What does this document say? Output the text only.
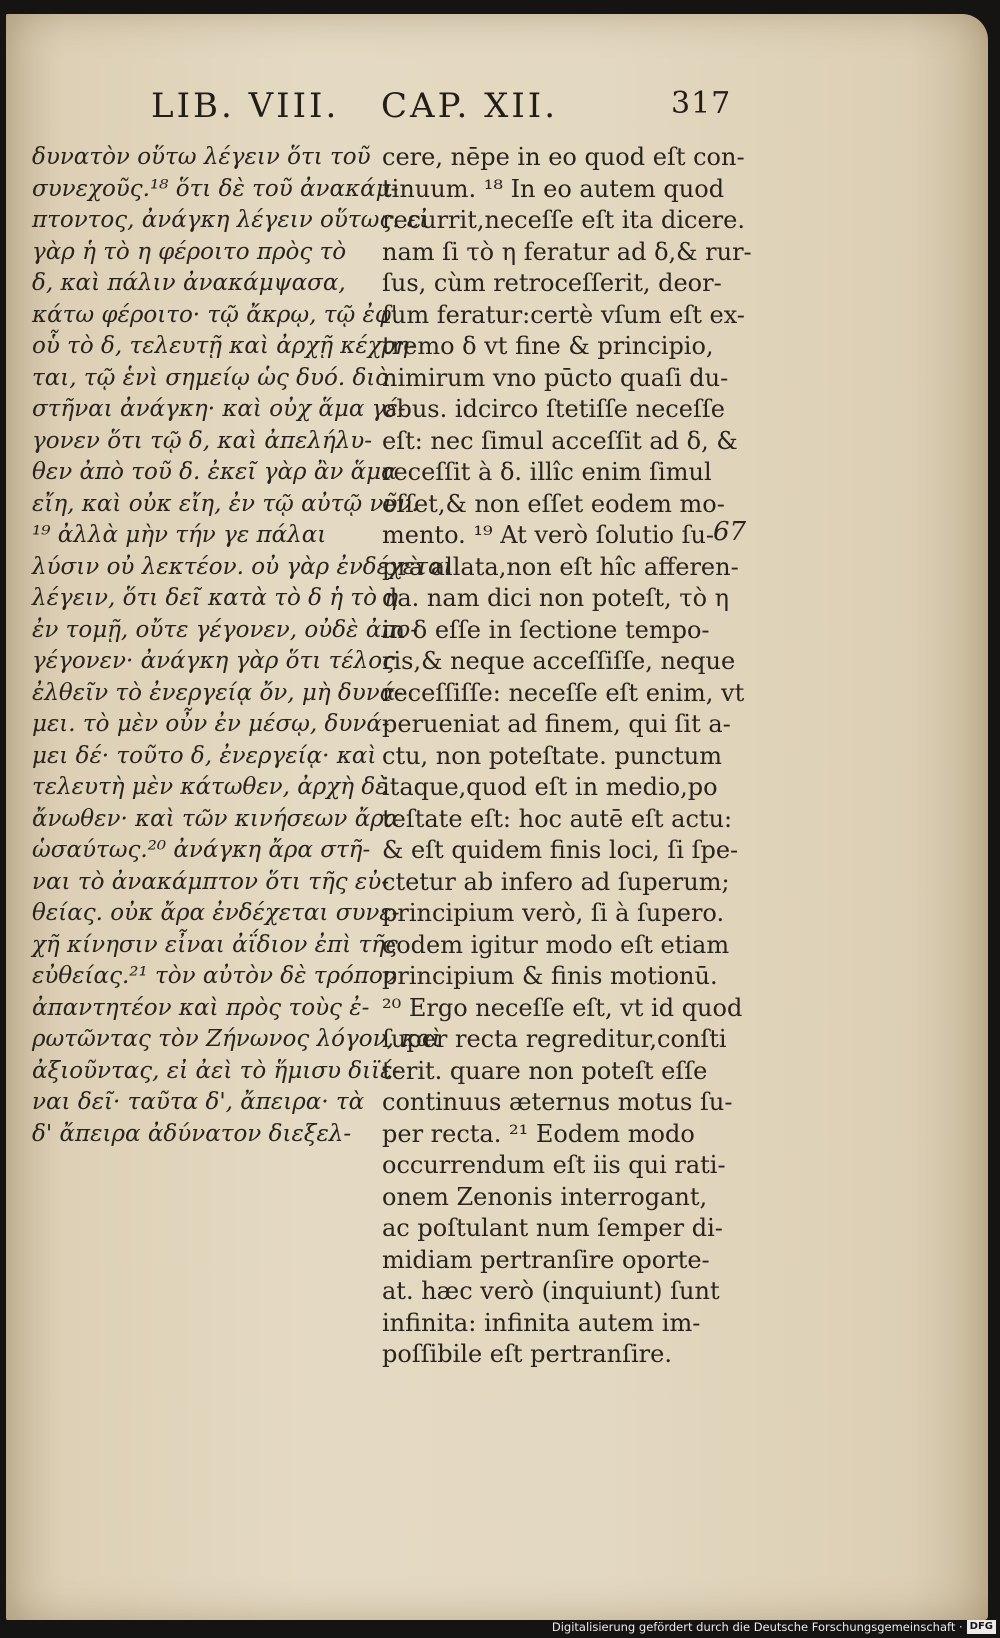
LIB. VIII. CAP. XII.	317
δυνατὸν οὕτω λέγειν ὅτι τοῦ
συνεχοῦς.¹⁸ ὅτι δὲ τοῦ ἀνακάμ-
πτοντος, ἀνάγκη λέγειν οὕτως. εἰ
γὰρ ἡ τὸ η φέροιτο πρὸς τὸ
δ, καὶ πάλιν ἀνακάμψασα,
κάτω φέροιτο· τῷ ἄκρῳ, τῷ ἐφ'
οὗ τὸ δ, τελευτῇ καὶ ἀρχῇ κέχρη-
ται, τῷ ἑνὶ σημείῳ ὡς δυό. διὸ
στῆναι ἀνάγκη· καὶ οὐχ ἅμα γέ-
γονεν ὅτι τῷ δ, καὶ ἀπελήλυ-
θεν ἀπὸ τοῦ δ. ἐκεῖ γὰρ ἂν ἅμα
εἴη, καὶ οὐκ εἴη, ἐν τῷ αὐτῷ νῦν.
¹⁹ ἀλλὰ μὴν τήν γε πάλαι
λύσιν οὐ λεκτέον. οὐ γὰρ ἐνδέχεται
λέγειν, ὅτι δεῖ κατὰ τὸ δ ἡ τὸ η
ἐν τομῇ, οὔτε γέγονεν, οὐδὲ ἀπο-
γέγονεν· ἀνάγκη γὰρ ὅτι τέλος
ἐλθεῖν τὸ ἐνεργείᾳ ὄν, μὴ δυνά-
μει. τὸ μὲν οὖν ἐν μέσῳ, δυνά-
μει δέ· τοῦτο δ, ἐνεργείᾳ· καὶ
τελευτὴ μὲν κάτωθεν, ἀρχὴ δὲ
ἄνωθεν· καὶ τῶν κινήσεων ἄρα
ὡσαύτως.²⁰ ἀνάγκη ἄρα στῆ-
ναι τὸ ἀνακάμπτον ὅτι τῆς εὐ-
θείας. οὐκ ἄρα ἐνδέχεται συνε-
χῆ κίνησιν εἶναι ἀΐδιον ἐπὶ τῆς
εὐθείας.²¹ τὸν αὐτὸν δὲ τρόπον
ἀπαντητέον καὶ πρὸς τοὺς ἐ-
ρωτῶντας τὸν Ζήνωνος λόγον, καὶ
ἀξιοῦντας, εἰ ἀεὶ τὸ ἥμισυ διϊέ-
ναι δεῖ· ταῦτα δ', ἄπειρα· τὰ
δ' ἄπειρα ἀδύνατον διεξελ-
cere, nēpe in eo quod eſt con-
tinuum. ¹⁸ In eo autem quod
recurrit,neceſſe eſt ita dicere.
nam ſi τὸ η feratur ad δ,& rur-
ſus, cùm retroceſſerit, deor-
ſum feratur:certè vſum eſt ex-
tremo δ vt fine & principio,
nimirum vno pūcto quaſi du-
obus. idcirco ſtetiſſe neceſſe
eſt: nec ſimul acceſſit ad δ, &
receſſit à δ. illîc enim ſimul
eſſet,& non eſſet eodem mo-
mento. ¹⁹ At verò ſolutio ſu-
prà allata,non eſt hîc afferen-
da. nam dici non poteſt, τὸ η
in δ eſſe in ſectione tempo-
ris,& neque acceſſiſſe, neque
receſſiſſe: neceſſe eſt enim, vt
perueniat ad finem, qui ſit a-
ctu, non poteſtate. punctum
itaque,quod eſt in medio,po
teſtate eſt: hoc autē eſt actu:
& eſt quidem finis loci, ſi ſpe-
ctetur ab infero ad ſuperum;
principium verò, ſi à ſupero.
eodem igitur modo eſt etiam
principium & finis motionū.
²⁰ Ergo neceſſe eſt, vt id quod
ſuper recta regreditur,conſti
terit. quare non poteſt eſſe
continuus æternus motus ſu-
per recta. ²¹ Eodem modo
occurrendum eſt iis qui rati-
onem Zenonis interrogant,
ac poſtulant num ſemper di-
midiam pertranſire oporte-
at. hæc verò (inquiunt) ſunt
infinita: infinita autem im-
poſſibile eſt pertranſire.
67
Digitalisierung gefördert durch die Deutsche Forschungsgemeinschaft · DFG
